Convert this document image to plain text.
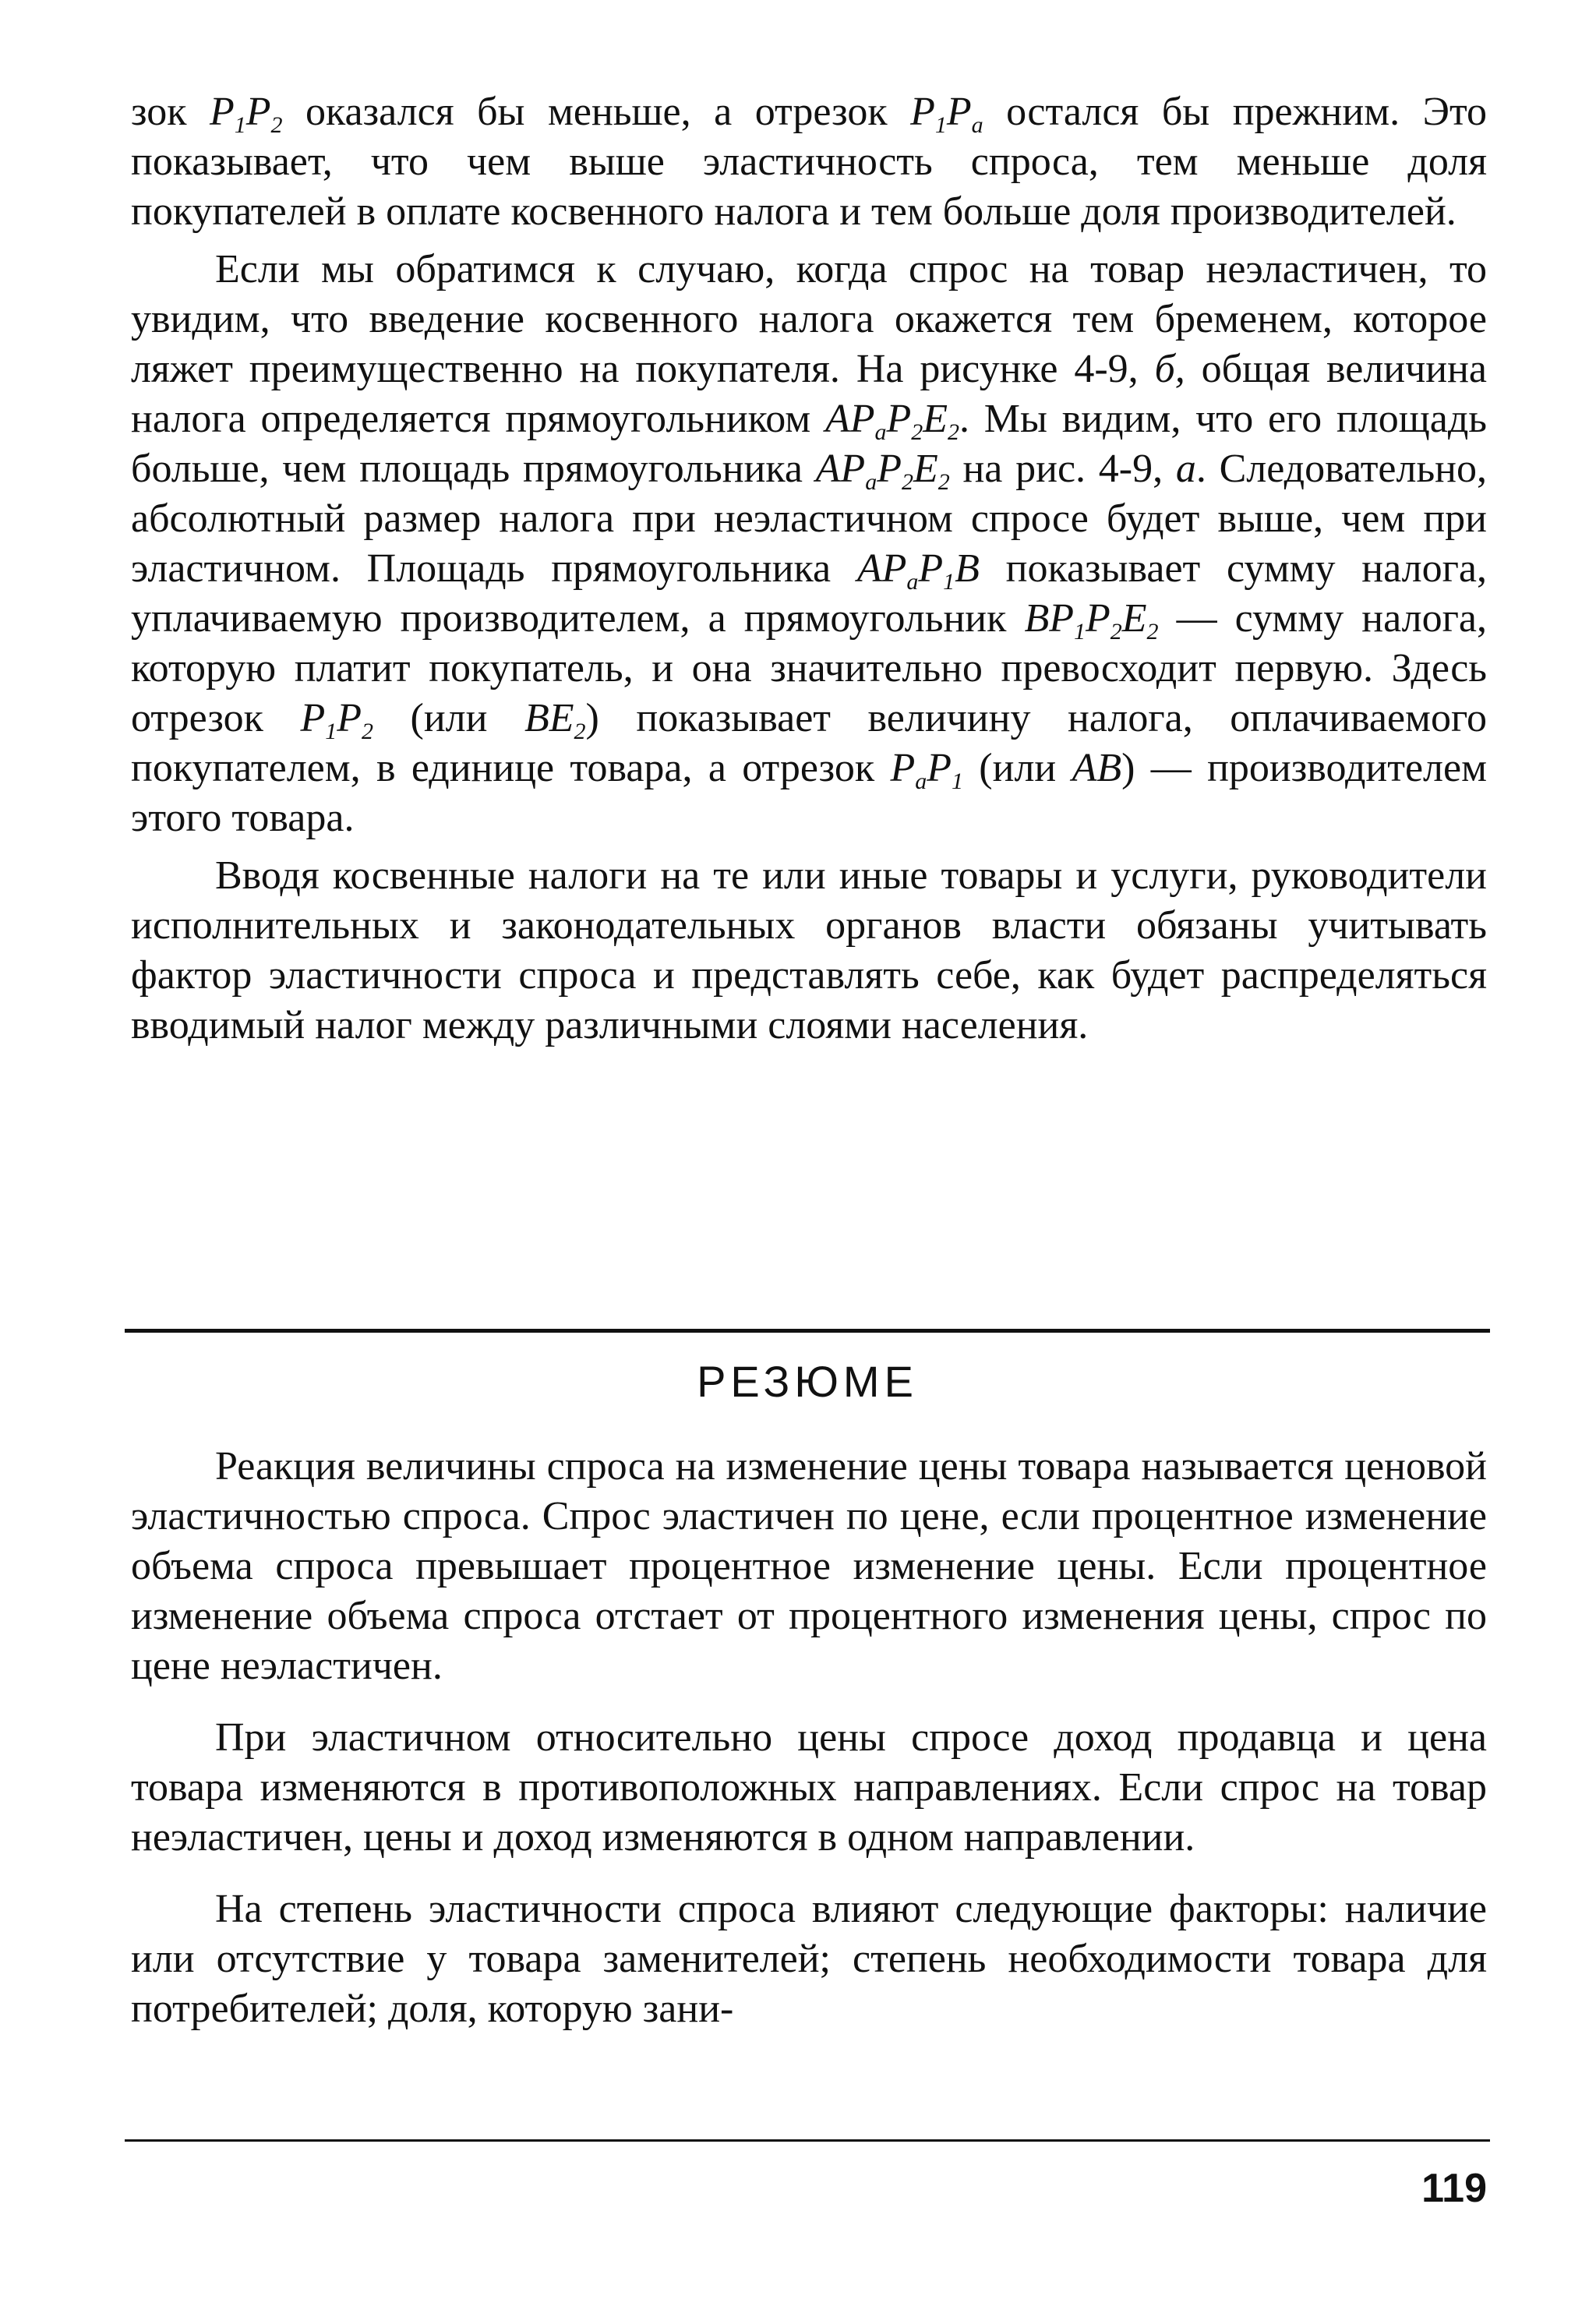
зок $P_1P_2$ оказался бы меньше, а отрезок $P_1P_a$ остался бы прежним. Это показывает, что чем выше эластичность спроса, тем меньше доля покупателей в оплате косвенного налога и тем больше доля производителей.

Если мы обратимся к случаю, когда спрос на товар неэластичен, то увидим, что введение косвенного налога окажется тем бременем, которое ляжет преимущественно на покупателя. На рисунке 4-9, б, общая величина налога определяется прямоугольником $AP_aP_2E_2$. Мы видим, что его площадь больше, чем площадь прямоугольника $AP_aP_2E_2$ на рис. 4-9, а. Следовательно, абсолютный размер налога при неэластичном спросе будет выше, чем при эластичном. Площадь прямоугольника $AP_aP_1B$ показывает сумму налога, уплачиваемую производителем, а прямоугольник $BP_1P_2E_2$ — сумму налога, которую платит покупатель, и она значительно превосходит первую. Здесь отрезок $P_1P_2$ (или $BE_2$) показывает величину налога, оплачиваемого покупателем, в единице товара, а отрезок $P_aP_1$ (или AB) — производителем этого товара.

Вводя косвенные налоги на те или иные товары и услуги, руководители исполнительных и законодательных органов власти обязаны учитывать фактор эластичности спроса и представлять себе, как будет распределяться вводимый налог между различными слоями населения.

РЕЗЮМЕ

Реакция величины спроса на изменение цены товара называется ценовой эластичностью спроса. Спрос эластичен по цене, если процентное изменение объема спроса превышает процентное изменение цены. Если процентное изменение объема спроса отстает от процентного изменения цены, спрос по цене неэластичен.

При эластичном относительно цены спросе доход продавца и цена товара изменяются в противоположных направлениях. Если спрос на товар неэластичен, цены и доход изменяются в одном направлении.

На степень эластичности спроса влияют следующие факторы: наличие или отсутствие у товара заменителей; степень необходимости товара для потребителей; доля, которую зани-

119
